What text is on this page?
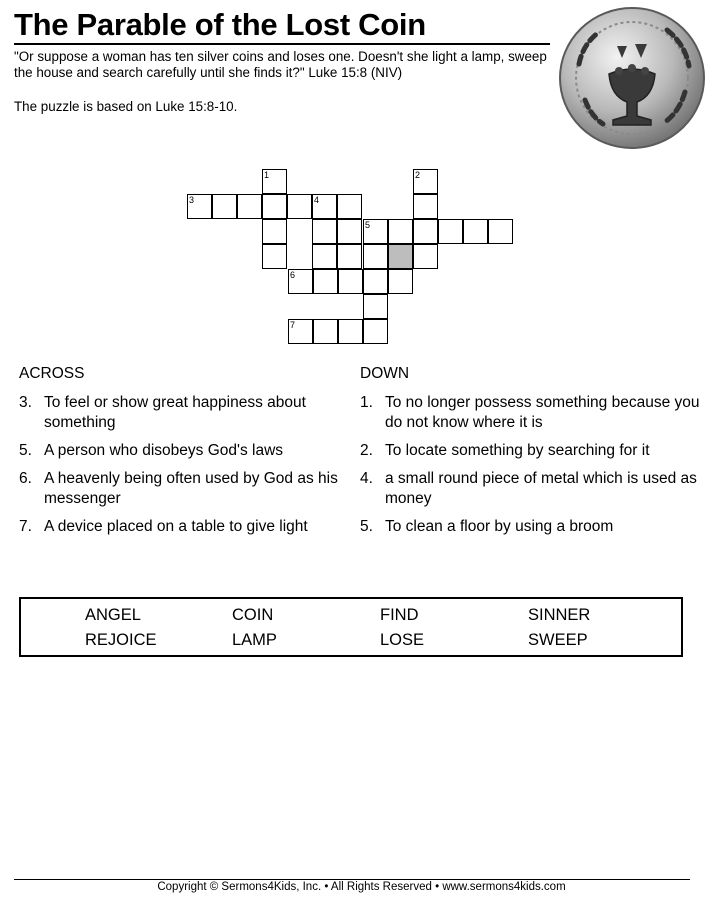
The Parable of the Lost Coin

"Or suppose a woman has ten silver coins and loses one. Doesn't she light a lamp, sweep the house and search carefully until she finds it?" Luke 15:8 (NIV)

The puzzle is based on Luke 15:8-10.

1	2
3	4
5
6
7
ACROSS	DOWN
3. To feel or show great happiness about something
5. A person who disobeys God's laws
6. A heavenly being often used by God as his messenger
7. A device placed on a table to give light
1. To no longer possess something because you do not know where it is
2. To locate something by searching for it
4. a small round piece of metal which is used as money
5. To clean a floor by using a broom
ANGEL	COIN	FIND	SINNER
REJOICE	LAMP	LOSE	SWEEP

Copyright © Sermons4Kids, Inc. • All Rights Reserved • www.sermons4kids.com
